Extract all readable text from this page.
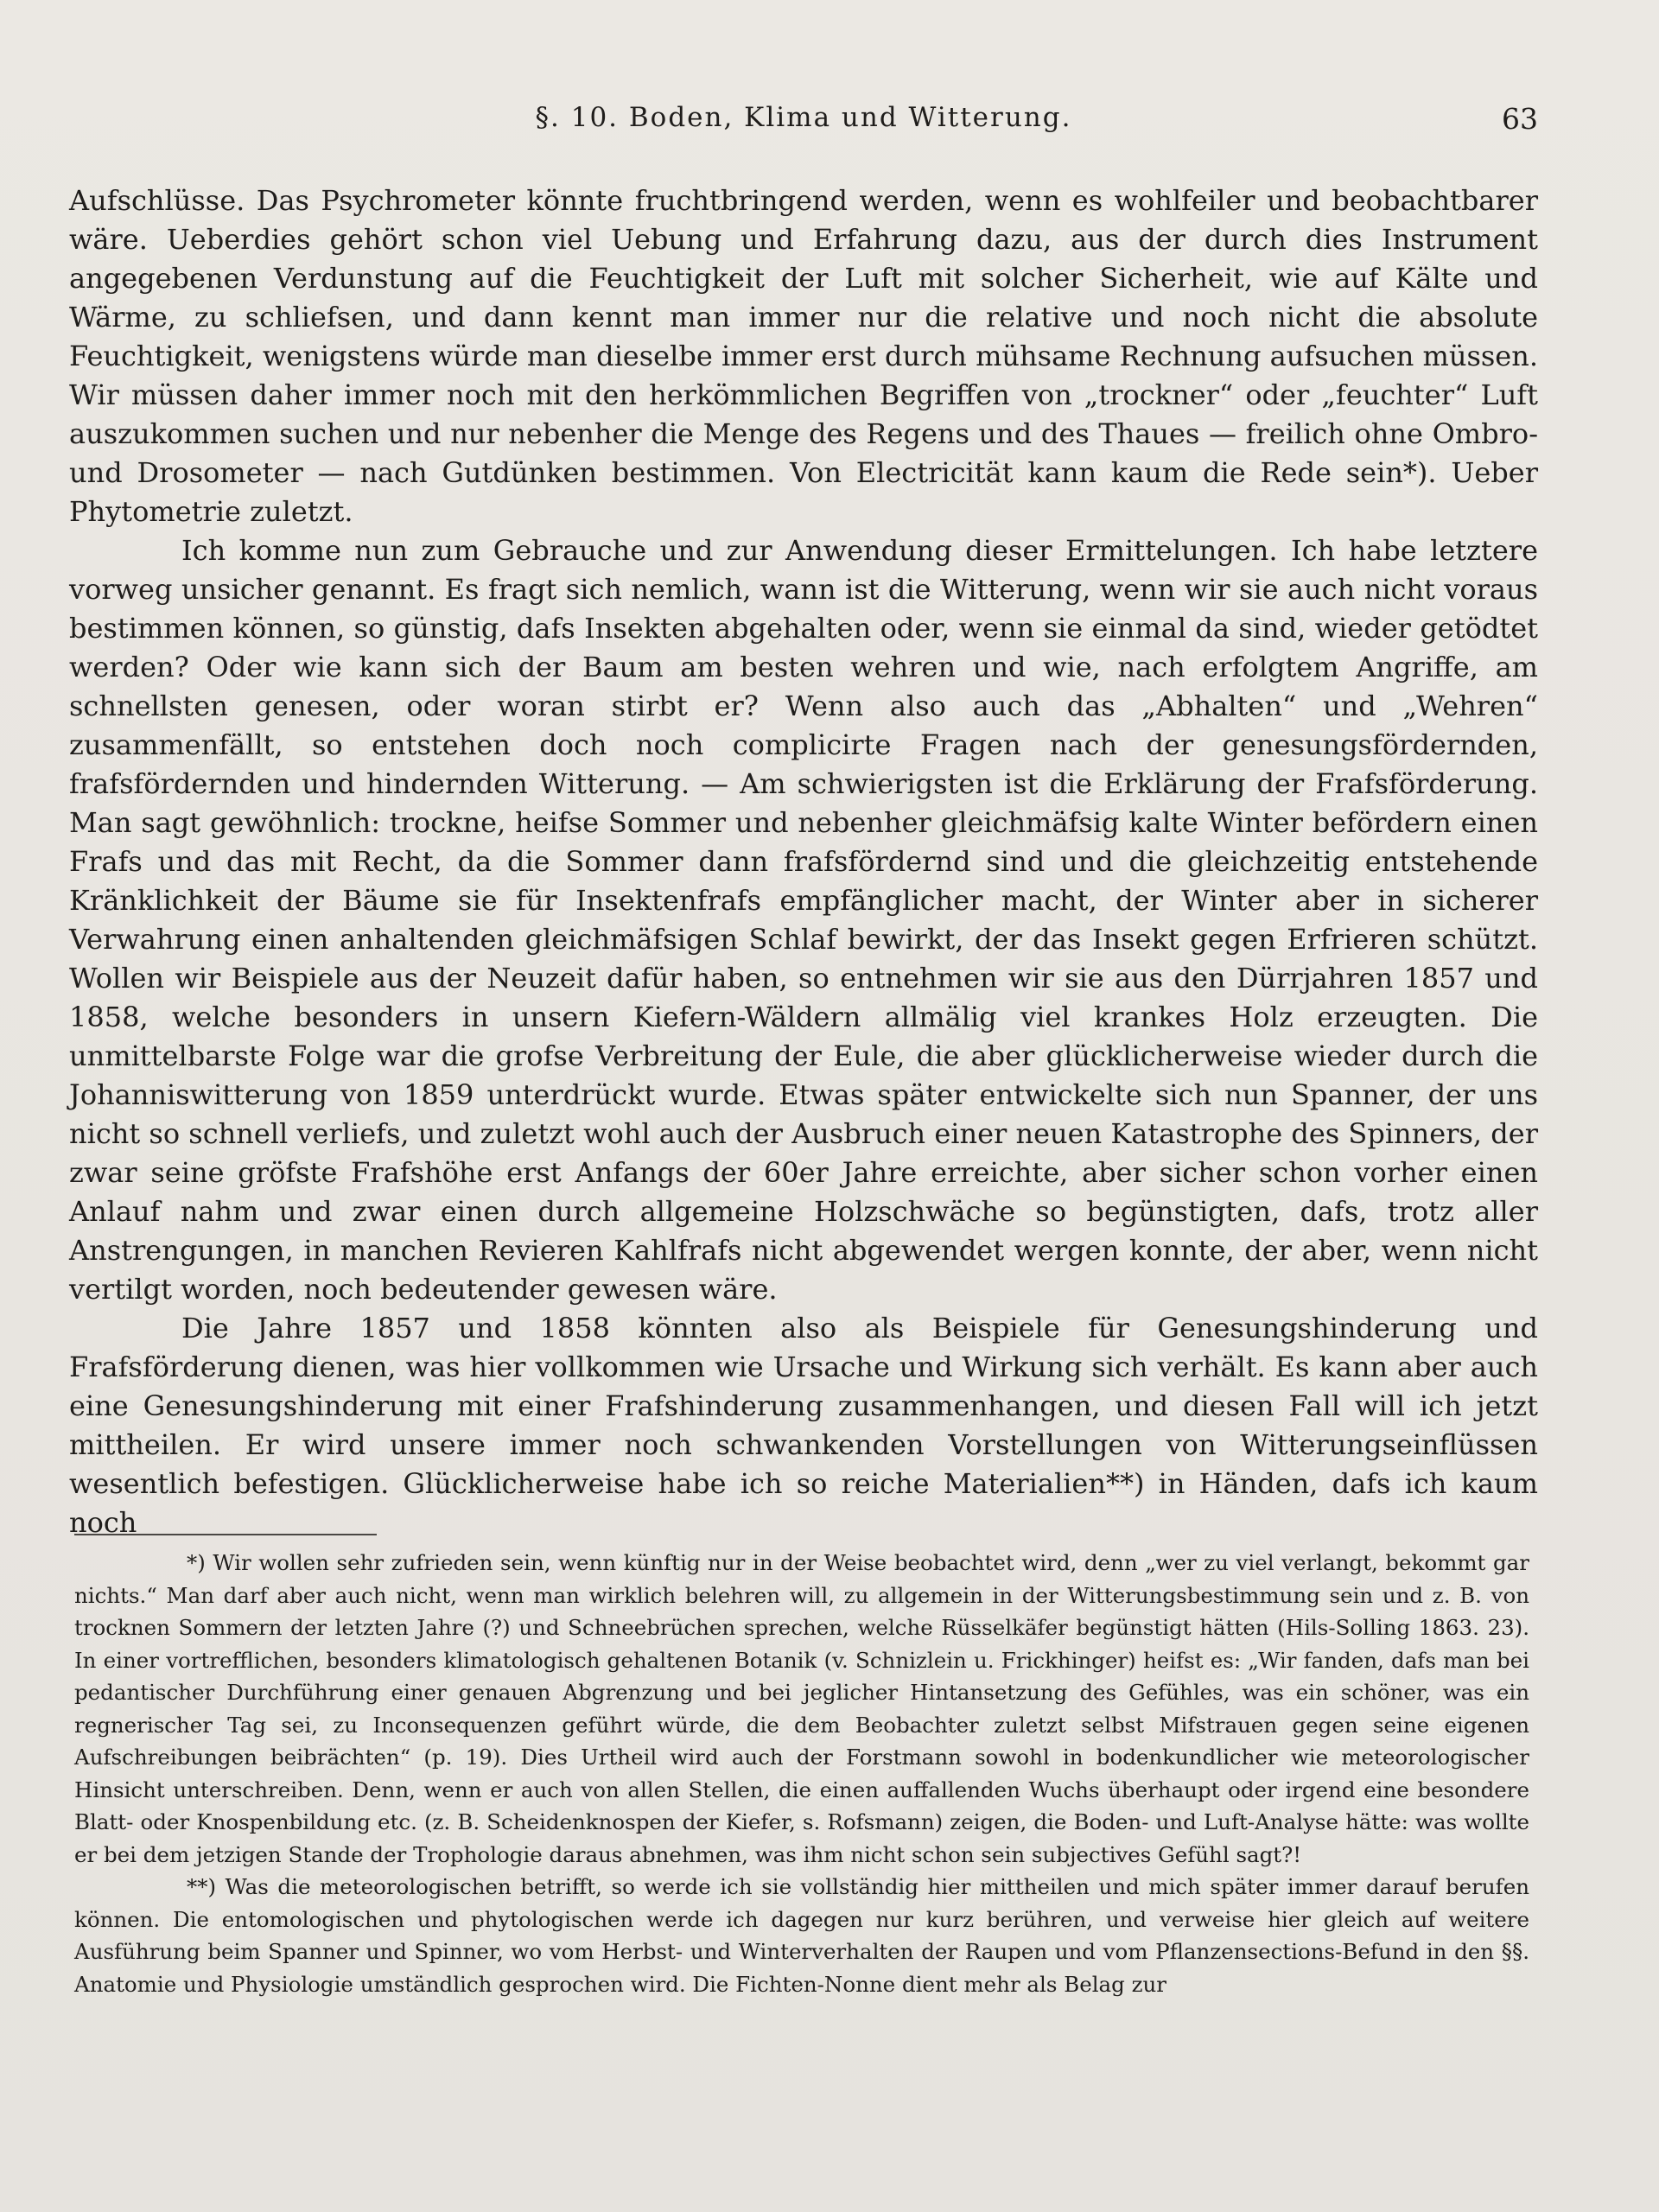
§. 10. Boden, Klima und Witterung.	63

Aufschlüsse. Das Psychrometer könnte fruchtbringend werden, wenn es wohlfeiler und beobachtbarer wäre. Ueberdies gehört schon viel Uebung und Erfahrung dazu, aus der durch dies Instrument angegebenen Verdunstung auf die Feuchtigkeit der Luft mit solcher Sicherheit, wie auf Kälte und Wärme, zu schliefsen, und dann kennt man immer nur die relative und noch nicht die absolute Feuchtigkeit, wenigstens würde man dieselbe immer erst durch mühsame Rechnung aufsuchen müssen. Wir müssen daher immer noch mit den herkömmlichen Begriffen von „trockner“ oder „feuchter“ Luft auszukommen suchen und nur nebenher die Menge des Regens und des Thaues — freilich ohne Ombro- und Drosometer — nach Gutdünken bestimmen. Von Electricität kann kaum die Rede sein*). Ueber Phytometrie zuletzt.

Ich komme nun zum Gebrauche und zur Anwendung dieser Ermittelungen. Ich habe letztere vorweg unsicher genannt. Es fragt sich nemlich, wann ist die Witterung, wenn wir sie auch nicht voraus bestimmen können, so günstig, dafs Insekten abgehalten oder, wenn sie einmal da sind, wieder getödtet werden? Oder wie kann sich der Baum am besten wehren und wie, nach erfolgtem Angriffe, am schnellsten genesen, oder woran stirbt er? Wenn also auch das „Abhalten“ und „Wehren“ zusammenfällt, so entstehen doch noch complicirte Fragen nach der genesungsfördernden, frafsfördernden und hindernden Witterung. — Am schwierigsten ist die Erklärung der Frafsförderung. Man sagt gewöhnlich: trockne, heifse Sommer und nebenher gleichmäfsig kalte Winter befördern einen Frafs und das mit Recht, da die Sommer dann frafsfördernd sind und die gleichzeitig entstehende Kränklichkeit der Bäume sie für Insektenfrafs empfänglicher macht, der Winter aber in sicherer Verwahrung einen anhaltenden gleichmäfsigen Schlaf bewirkt, der das Insekt gegen Erfrieren schützt. Wollen wir Beispiele aus der Neuzeit dafür haben, so entnehmen wir sie aus den Dürrjahren 1857 und 1858, welche besonders in unsern Kiefern-Wäldern allmälig viel krankes Holz erzeugten. Die unmittelbarste Folge war die grofse Verbreitung der Eule, die aber glücklicherweise wieder durch die Johanniswitterung von 1859 unterdrückt wurde. Etwas später entwickelte sich nun Spanner, der uns nicht so schnell verliefs, und zuletzt wohl auch der Ausbruch einer neuen Katastrophe des Spinners, der zwar seine gröfste Frafshöhe erst Anfangs der 60er Jahre erreichte, aber sicher schon vorher einen Anlauf nahm und zwar einen durch allgemeine Holzschwäche so begünstigten, dafs, trotz aller Anstrengungen, in manchen Revieren Kahlfrafs nicht abgewendet wergen konnte, der aber, wenn nicht vertilgt worden, noch bedeutender gewesen wäre.

Die Jahre 1857 und 1858 könnten also als Beispiele für Genesungshinderung und Frafsförderung dienen, was hier vollkommen wie Ursache und Wirkung sich verhält. Es kann aber auch eine Genesungshinderung mit einer Frafshinderung zusammenhangen, und diesen Fall will ich jetzt mittheilen. Er wird unsere immer noch schwankenden Vorstellungen von Witterungseinflüssen wesentlich befestigen. Glücklicherweise habe ich so reiche Materialien**) in Händen, dafs ich kaum noch

*) Wir wollen sehr zufrieden sein, wenn künftig nur in der Weise beobachtet wird, denn „wer zu viel verlangt, bekommt gar nichts.“ Man darf aber auch nicht, wenn man wirklich belehren will, zu allgemein in der Witterungsbestimmung sein und z. B. von trocknen Sommern der letzten Jahre (?) und Schneebrüchen sprechen, welche Rüsselkäfer begünstigt hätten (Hils-Solling 1863. 23). In einer vortrefflichen, besonders klimatologisch gehaltenen Botanik (v. Schnizlein u. Frickhinger) heifst es: „Wir fanden, dafs man bei pedantischer Durchführung einer genauen Abgrenzung und bei jeglicher Hintansetzung des Gefühles, was ein schöner, was ein regnerischer Tag sei, zu Inconsequenzen geführt würde, die dem Beobachter zuletzt selbst Mifstrauen gegen seine eigenen Aufschreibungen beibrächten“ (p. 19). Dies Urtheil wird auch der Forstmann sowohl in bodenkundlicher wie meteorologischer Hinsicht unterschreiben. Denn, wenn er auch von allen Stellen, die einen auffallenden Wuchs überhaupt oder irgend eine besondere Blatt- oder Knospenbildung etc. (z. B. Scheidenknospen der Kiefer, s. Rofsmann) zeigen, die Boden- und Luft-Analyse hätte: was wollte er bei dem jetzigen Stande der Trophologie daraus abnehmen, was ihm nicht schon sein subjectives Gefühl sagt?!

**) Was die meteorologischen betrifft, so werde ich sie vollständig hier mittheilen und mich später immer darauf berufen können. Die entomologischen und phytologischen werde ich dagegen nur kurz berühren, und verweise hier gleich auf weitere Ausführung beim Spanner und Spinner, wo vom Herbst- und Winterverhalten der Raupen und vom Pflanzensections-Befund in den §§. Anatomie und Physiologie umständlich gesprochen wird. Die Fichten-Nonne dient mehr als Belag zur
